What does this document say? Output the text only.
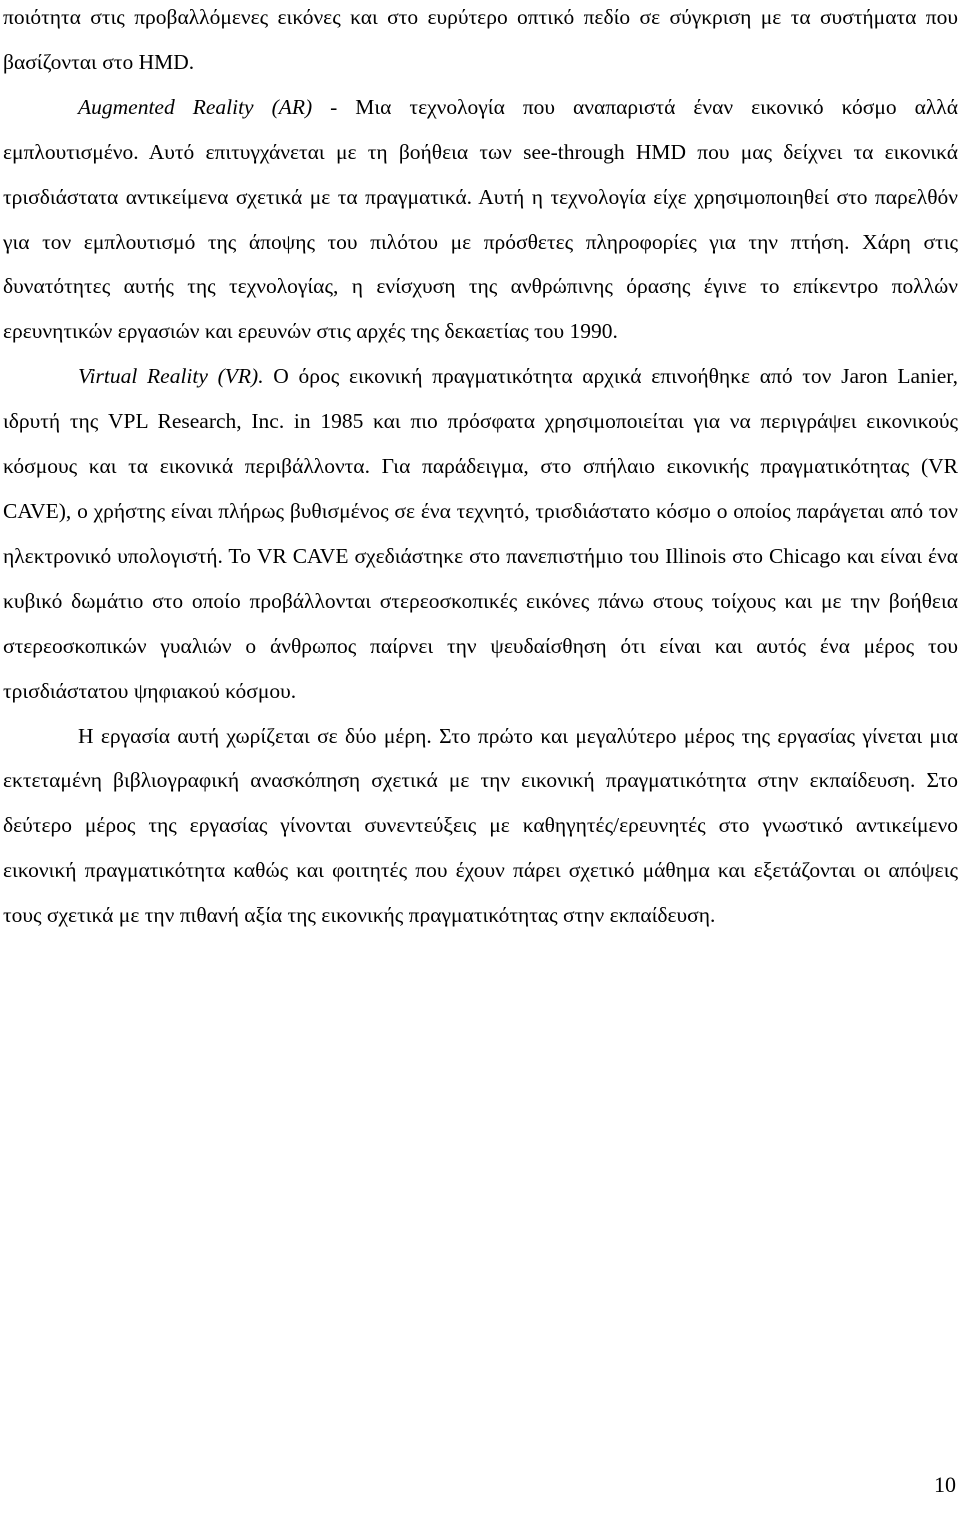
ποιότητα στις προβαλλόμενες εικόνες και στο ευρύτερο οπτικό πεδίο σε σύγκριση με τα συστήματα που βασίζονται στο HMD.

Augmented Reality (AR) - Μια τεχνολογία που αναπαριστά έναν εικονικό κόσμο αλλά εμπλουτισμένο. Αυτό επιτυγχάνεται με τη βοήθεια των see-through HMD που μας δείχνει τα εικονικά τρισδιάστατα αντικείμενα σχετικά με τα πραγματικά. Αυτή η τεχνολογία είχε χρησιμοποιηθεί στο παρελθόν για τον εμπλουτισμό της άποψης του πιλότου με πρόσθετες πληροφορίες για την πτήση. Χάρη στις δυνατότητες αυτής της τεχνολογίας, η ενίσχυση της ανθρώπινης όρασης έγινε το επίκεντρο πολλών ερευνητικών εργασιών και ερευνών στις αρχές της δεκαετίας του 1990.

Virtual Reality (VR). Ο όρος εικονική πραγματικότητα αρχικά επινοήθηκε από τον Jaron Lanier, ιδρυτή της VPL Research, Inc. in 1985 και πιο πρόσφατα χρησιμοποιείται για να περιγράψει εικονικούς κόσμους και τα εικονικά περιβάλλοντα. Για παράδειγμα, στο σπήλαιο εικονικής πραγματικότητας (VR CAVE), ο χρήστης είναι πλήρως βυθισμένος σε ένα τεχνητό, τρισδιάστατο κόσμο ο οποίος παράγεται από τον ηλεκτρονικό υπολογιστή. Το VR CAVE σχεδιάστηκε στο πανεπιστήμιο του Illinois στο Chicago και είναι ένα κυβικό δωμάτιο στο οποίο προβάλλονται στερεοσκοπικές εικόνες πάνω στους τοίχους και με την βοήθεια στερεοσκοπικών γυαλιών ο άνθρωπος παίρνει την ψευδαίσθηση ότι είναι και αυτός ένα μέρος του τρισδιάστατου ψηφιακού κόσμου.

Η εργασία αυτή χωρίζεται σε δύο μέρη. Στο πρώτο και μεγαλύτερο μέρος της εργασίας γίνεται μια εκτεταμένη βιβλιογραφική ανασκόπηση σχετικά με την εικονική πραγματικότητα στην εκπαίδευση. Στο δεύτερο μέρος της εργασίας γίνονται συνεντεύξεις με καθηγητές/ερευνητές στο γνωστικό αντικείμενο εικονική πραγματικότητα καθώς και φοιτητές που έχουν πάρει σχετικό μάθημα και εξετάζονται οι απόψεις τους σχετικά με την πιθανή αξία της εικονικής πραγματικότητας στην εκπαίδευση.

10
